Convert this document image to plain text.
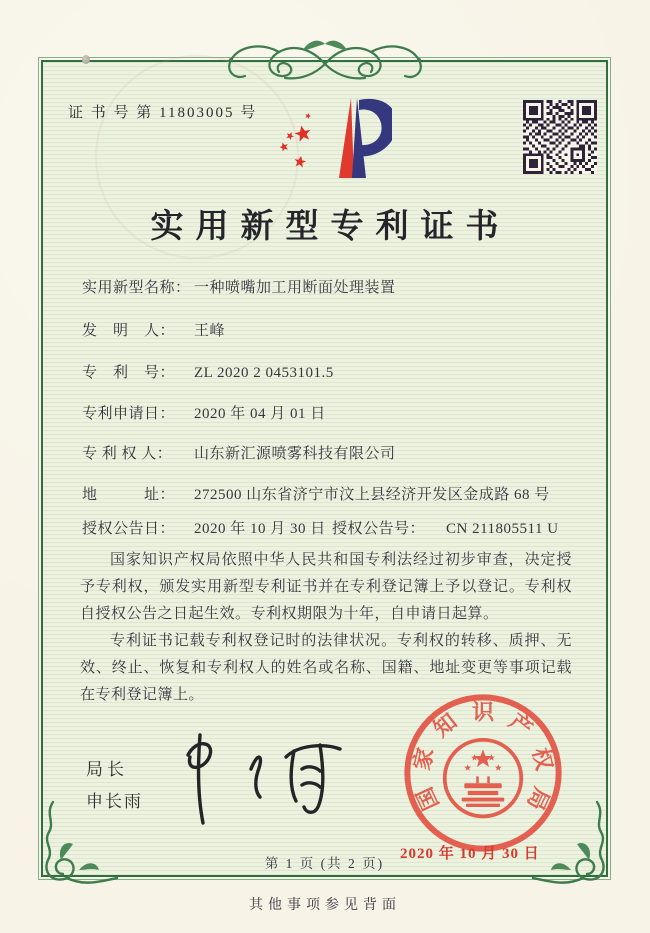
证 书 号 第 11803005 号
实用新型专利证书
实用新型名称： 一种喷嘴加工用断面处理装置
发　明　人：	王峰
专　利　号：	ZL 2020 2 0453101.5
专利申请日：	2020 年 04 月 01 日
专 利 权 人：	山东新汇源喷雾科技有限公司
地　　　址：	272500 山东省济宁市汶上县经济开发区金成路 68 号
授权公告日：	2020 年 10 月 30 日 授权公告号：	CN 211805511 U

国家知识产权局依照中华人民共和国专利法经过初步审查，决定授予专利权，颁发实用新型专利证书并在专利登记簿上予以登记。专利权自授权公告之日起生效。专利权期限为十年，自申请日起算。

专利证书记载专利权登记时的法律状况。专利权的转移、质押、无效、终止、恢复和专利权人的姓名或名称、国籍、地址变更等事项记载在专利登记簿上。

局长
申长雨	国
家
知 识 产
权
局
2020 年 10 月 30 日
第 1 页 (共 2 页)
其他事项参见背面
